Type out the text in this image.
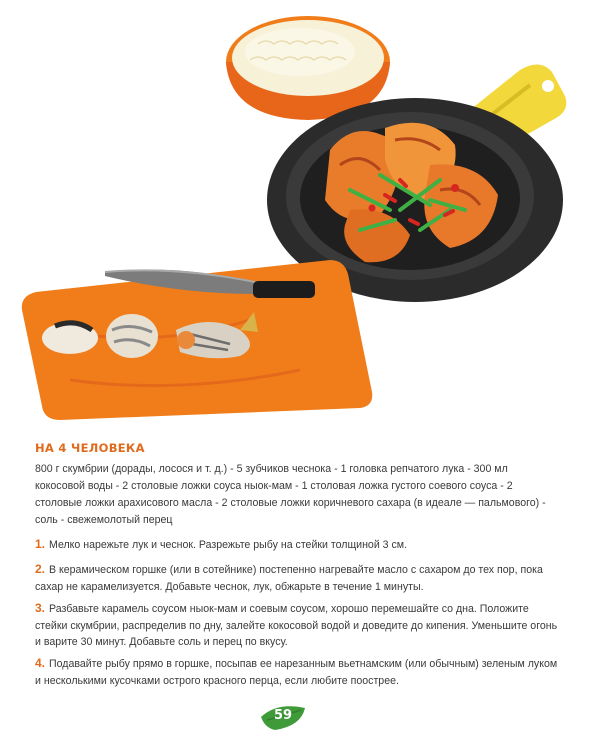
НА 4 ЧЕЛОВЕКА
800 г скумбрии (дорады, лосося и т. д.) - 5 зубчиков чеснока - 1 головка репчатого лука - 300 мл кокосовой воды - 2 столовые ложки соуса ныок-мам - 1 столовая ложка густого соевого соуса - 2 столовые ложки арахисового масла - 2 столовые ложки коричневого сахара (в идеале — пальмового) - соль - свежемолотый перец
1. Мелко нарежьте лук и чеснок. Разрежьте рыбу на стейки толщиной 3 см.
2. В керамическом горшке (или в сотейнике) постепенно нагревайте масло с сахаром до тех пор, пока сахар не карамелизуется. Добавьте чеснок, лук, обжарьте в течение 1 минуты.
3. Разбавьте карамель соусом ныок-мам и соевым соусом, хорошо перемешайте со дна. Положите стейки скумбрии, распределив по дну, залейте кокосовой водой и доведите до кипения. Уменьшите огонь и варите 30 минут. Добавьте соль и перец по вкусу.
4. Подавайте рыбу прямо в горшке, посыпав ее нарезанным вьетнамским (или обычным) зеленым луком и несколькими кусочками острого красного перца, если любите поострее.
59
